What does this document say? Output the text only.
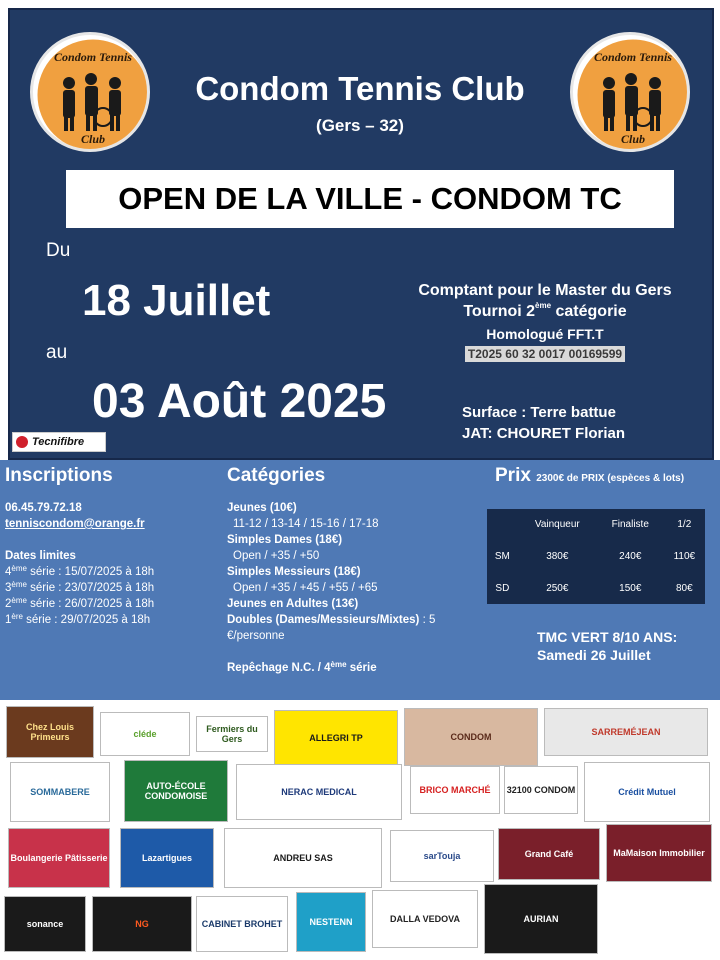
Condom Tennis
Club
Condom Tennis
Club
Condom Tennis Club
(Gers – 32)
OPEN DE LA VILLE - CONDOM TC
Du
18 Juillet
au
03 Août 2025
Comptant pour le Master du Gers
Tournoi 2ème catégorie
Homologué FFT.T
T2025 60 32 0017 00169599
Surface : Terre battue
JAT: CHOURET Florian
Tecnifibre
Inscriptions
06.45.79.72.18
tenniscondom@orange.fr
Dates limites
4ème série : 15/07/2025 à 18h
3ème série : 23/07/2025 à 18h
2ème série : 26/07/2025 à 18h
1ère série : 29/07/2025 à 18h
Catégories
Jeunes (10€)
11-12 / 13-14 / 15-16 / 17-18
Simples Dames (18€)
Open / +35 / +50
Simples Messieurs (18€)
Open / +35 / +45 / +55 / +65
Jeunes en Adultes (13€)
Doubles (Dames/Messieurs/Mixtes) : 5 €/personne
Repêchage N.C. / 4ème série
Prix 2300€ de PRIX (espèces & lots)
	Vainqueur	Finaliste	1/2
SM	380€	240€	110€
SD	250€	150€	80€
TMC VERT 8/10 ANS:
Samedi 26 Juillet
Chez Louis Primeurs	cléde	Fermiers du Gers	ALLEGRI TP	CONDOM	SARREMÉJEAN
SOMMABERE
AUTO-ÉCOLE CONDOMOISE	NERAC MEDICAL	BRICO MARCHÉ 32100 CONDOM	Crédit Mutuel
Boulangerie Pâtisserie	Lazartigues	ANDREU SAS	sarTouja	Grand Café	MaMaison Immobilier
sonance	NG	CABINET BROHET	NESTENN	DALLA VEDOVA	AURIAN
